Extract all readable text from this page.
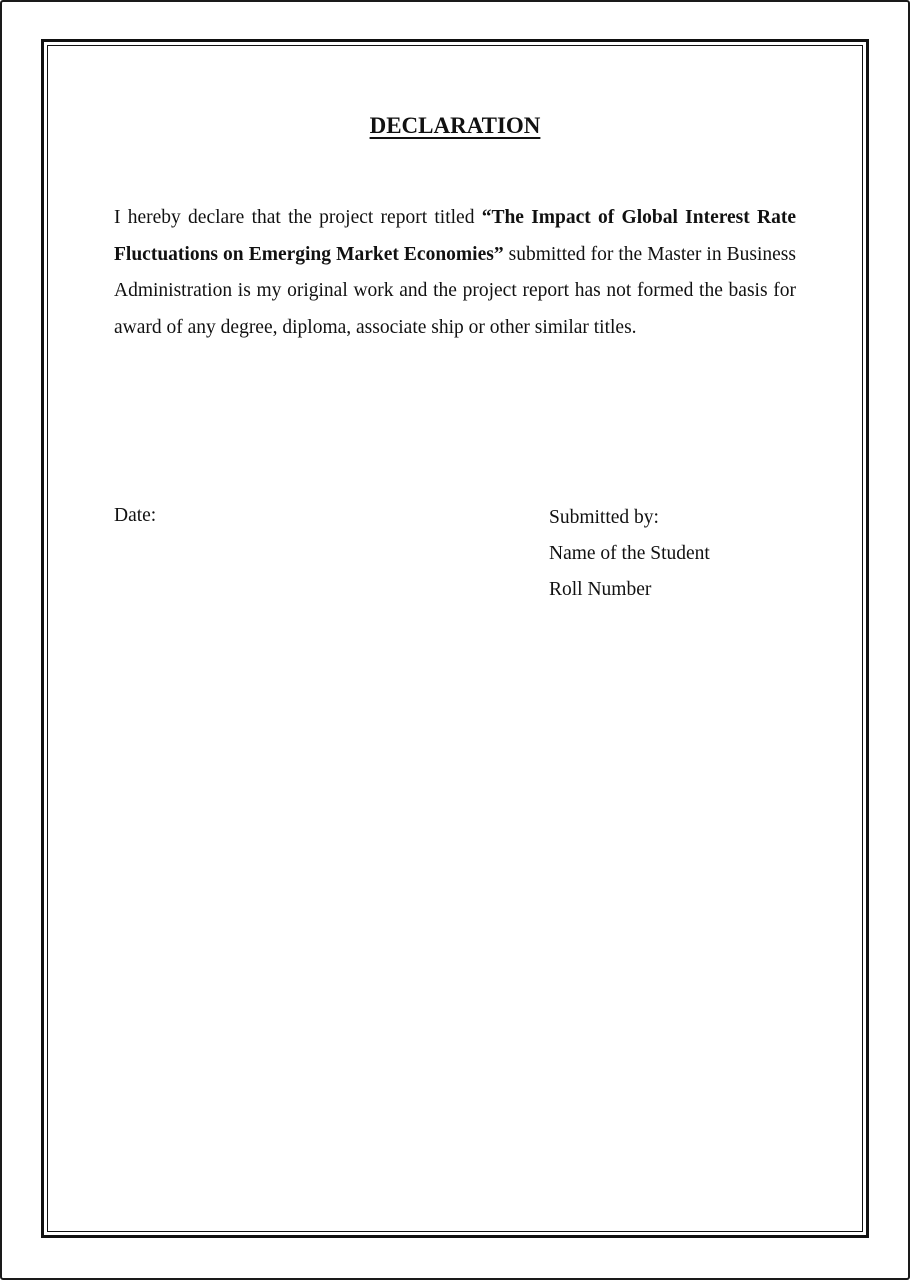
DECLARATION

I hereby declare that the project report titled “The Impact of Global Interest Rate Fluctuations on Emerging Market Economies” submitted for the Master in Business Administration is my original work and the project report has not formed the basis for award of any degree, diploma, associate ship or other similar titles.

Date:	Submitted by:
Name of the Student
Roll Number
